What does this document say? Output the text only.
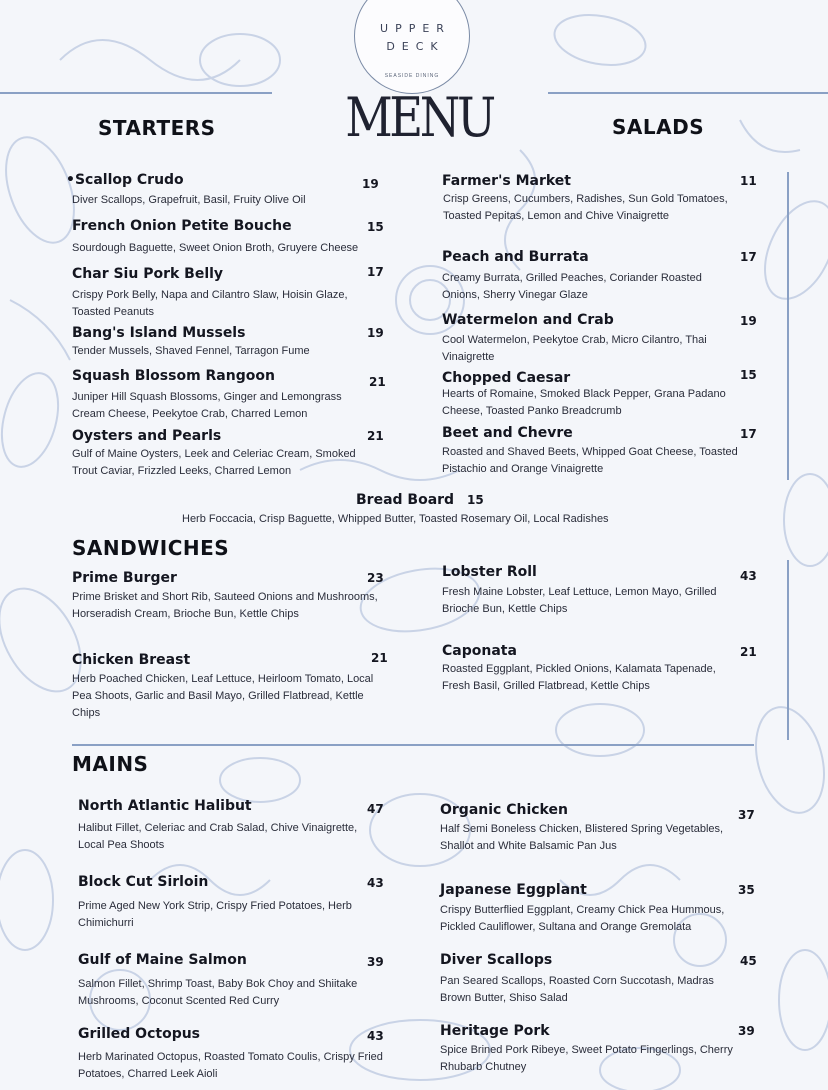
UPPER
DECK
SEASIDE DINING
MENU
STARTERS
•Scallop Crudo	19
Diver Scallops, Grapefruit, Basil, Fruity Olive Oil
French Onion Petite Bouche	15
Sourdough Baguette, Sweet Onion Broth, Gruyere Cheese
Char Siu Pork Belly	17
Crispy Pork Belly, Napa and Cilantro Slaw, Hoisin Glaze, Toasted Peanuts
Bang's Island Mussels	19
Tender Mussels, Shaved Fennel, Tarragon Fume
Squash Blossom Rangoon	21
Juniper Hill Squash Blossoms, Ginger and Lemongrass Cream Cheese, Peekytoe Crab, Charred Lemon
Oysters and Pearls	21
Gulf of Maine Oysters, Leek and Celeriac Cream, Smoked Trout Caviar, Frizzled Leeks, Charred Lemon
SALADS
Farmer's Market	11
Crisp Greens, Cucumbers, Radishes, Sun Gold Tomatoes, Toasted Pepitas, Lemon and Chive Vinaigrette
Peach and Burrata	17
Creamy Burrata, Grilled Peaches, Coriander Roasted Onions, Sherry Vinegar Glaze
Watermelon and Crab	19
Cool Watermelon, Peekytoe Crab, Micro Cilantro, Thai Vinaigrette
Chopped Caesar	15
Hearts of Romaine, Smoked Black Pepper, Grana Padano Cheese, Toasted Panko Breadcrumb
Beet and Chevre	17
Roasted and Shaved Beets, Whipped Goat Cheese, Toasted Pistachio and Orange Vinaigrette
Bread Board 15
Herb Foccacia, Crisp Baguette, Whipped Butter, Toasted Rosemary Oil, Local Radishes
SANDWICHES
Prime Burger	23
Prime Brisket and Short Rib, Sauteed Onions and Mushrooms, Horseradish Cream, Brioche Bun, Kettle Chips
Lobster Roll	43
Fresh Maine Lobster, Leaf Lettuce, Lemon Mayo, Grilled Brioche Bun, Kettle Chips
Chicken Breast	21
Herb Poached Chicken, Leaf Lettuce, Heirloom Tomato, Local Pea Shoots, Garlic and Basil Mayo, Grilled Flatbread, Kettle Chips
Caponata	21
Roasted Eggplant, Pickled Onions, Kalamata Tapenade, Fresh Basil, Grilled Flatbread, Kettle Chips
MAINS
North Atlantic Halibut	47
Halibut Fillet, Celeriac and Crab Salad, Chive Vinaigrette, Local Pea Shoots
Organic Chicken	37
Half Semi Boneless Chicken, Blistered Spring Vegetables, Shallot and White Balsamic Pan Jus
Block Cut Sirloin	43
Prime Aged New York Strip, Crispy Fried Potatoes, Herb Chimichurri
Japanese Eggplant	35
Crispy Butterflied Eggplant, Creamy Chick Pea Hummous, Pickled Cauliflower, Sultana and Orange Gremolata
Gulf of Maine Salmon	39
Salmon Fillet, Shrimp Toast, Baby Bok Choy and Shiitake Mushrooms, Coconut Scented Red Curry
Diver Scallops	45
Pan Seared Scallops, Roasted Corn Succotash, Madras Brown Butter, Shiso Salad
Grilled Octopus	43
Herb Marinated Octopus, Roasted Tomato Coulis, Crispy Fried Potatoes, Charred Leek Aioli
Heritage Pork	39
Spice Brined Pork Ribeye, Sweet Potato Fingerlings, Cherry Rhubarb Chutney
